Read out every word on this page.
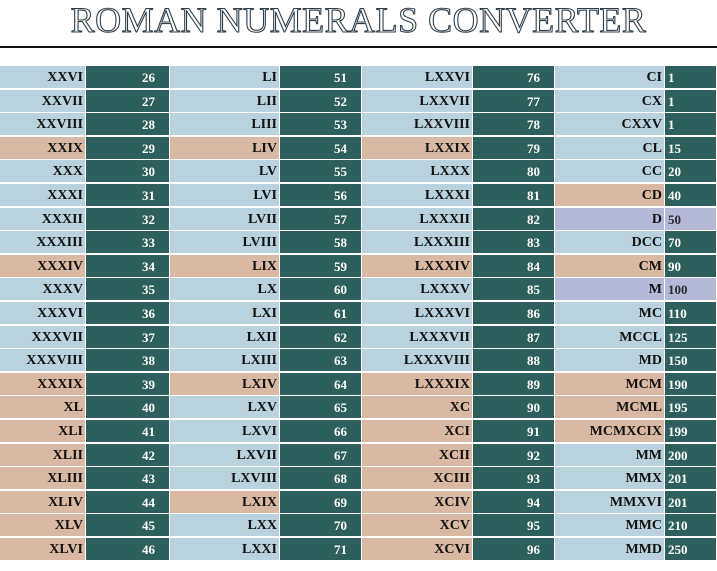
ROMAN NUMERALS CONVERTER
XXVI	26
XXVII	27
XXVIII	28
XXIX	29
XXX	30
XXXI	31
XXXII	32
XXXIII	33
XXXIV	34
XXXV	35
XXXVI	36
XXXVII	37
XXXVIII	38
XXXIX	39
XL	40
XLI	41
XLII	42
XLIII	43
XLIV	44
XLV	45
XLVI	46
LI	51
LII	52
LIII	53
LIV	54
LV	55
LVI	56
LVII	57
LVIII	58
LIX	59
LX	60
LXI	61
LXII	62
LXIII	63
LXIV	64
LXV	65
LXVI	66
LXVII	67
LXVIII	68
LXIX	69
LXX	70
LXXI	71
LXXVI	76
LXXVII	77
LXXVIII	78
LXXIX	79
LXXX	80
LXXXI	81
LXXXII	82
LXXXIII	83
LXXXIV	84
LXXXV	85
LXXXVI	86
LXXXVII	87
LXXXVIII	88
LXXXIX	89
XC	90
XCI	91
XCII	92
XCIII	93
XCIV	94
XCV	95
XCVI	96
CI 1
CX 1
CXXV 1
CL 15
CC 20
CD 40
D 50
DCC 70
CM 90
M 100
MC 110
MCCL 125
MD 150
MCM 190
MCML 195
MCMXCIX 199
MM 200
MMX 201
MMXVI 201
MMC 210
MMD 250
